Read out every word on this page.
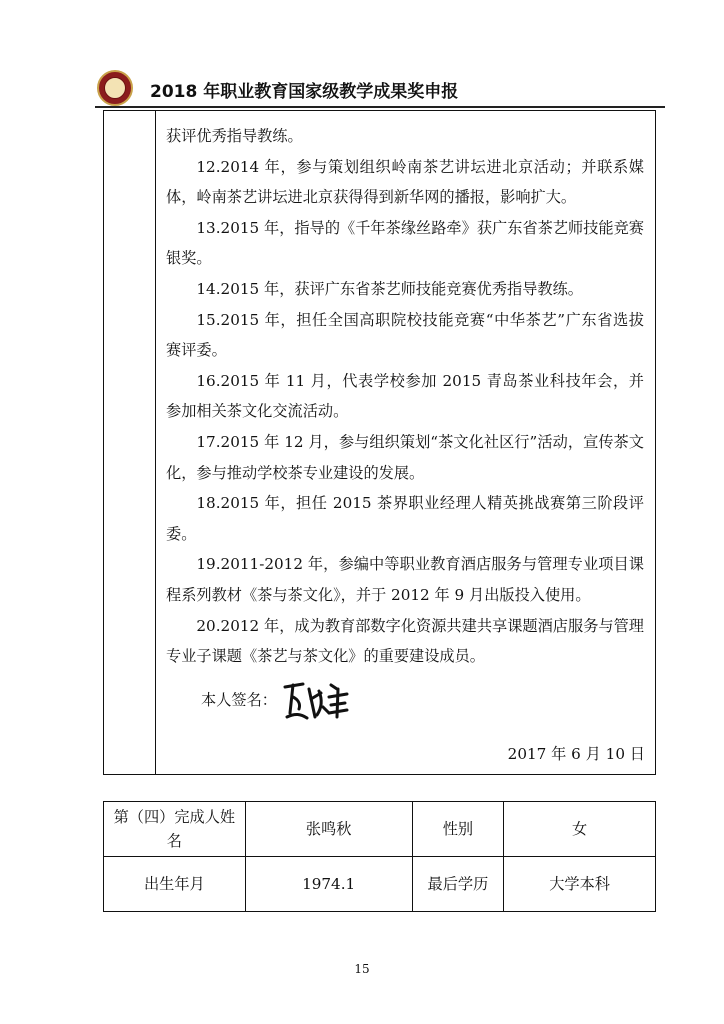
2018 年职业教育国家级教学成果奖申报

获评优秀指导教练。

12.2014 年，参与策划组织岭南茶艺讲坛进北京活动；并联系媒体，岭南茶艺讲坛进北京获得得到新华网的播报，影响扩大。

13.2015 年，指导的《千年茶缘丝路牵》获广东省茶艺师技能竞赛银奖。

14.2015 年，获评广东省茶艺师技能竞赛优秀指导教练。

15.2015 年，担任全国高职院校技能竞赛“中华茶艺”广东省选拔赛评委。

16.2015 年 11 月，代表学校参加 2015 青岛茶业科技年会，并参加相关茶文化交流活动。

17.2015 年 12 月，参与组织策划“茶文化社区行”活动，宣传茶文化，参与推动学校茶专业建设的发展。

18.2015 年，担任 2015 茶界职业经理人精英挑战赛第三阶段评委。

19.2011-2012 年，参编中等职业教育酒店服务与管理专业项目课程系列教材《茶与茶文化》，并于 2012 年 9 月出版投入使用。

20.2012 年，成为教育部数字化资源共建共享课题酒店服务与管理专业子课题《茶艺与茶文化》的重要建设成员。

本人签名：
2017 年 6 月 10 日
第（四）完成人姓名	张鸣秋	性别	女
出生年月	1974.1	最后学历	大学本科
15
